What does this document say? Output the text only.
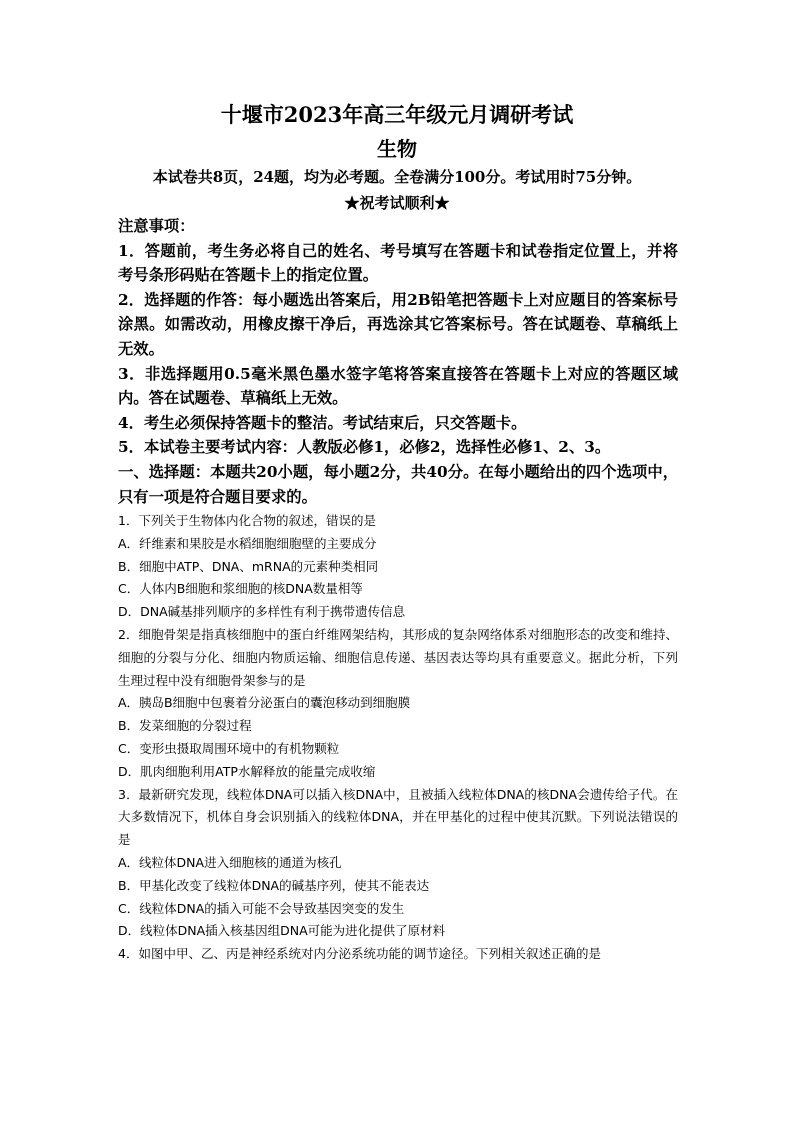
十堰市2023年高三年级元月调研考试
生物
本试卷共8页，24题，均为必考题。全卷满分100分。考试用时75分钟。
★祝考试顺利★
注意事项：
1．答题前，考生务必将自己的姓名、考号填写在答题卡和试卷指定位置上，并将考号条形码贴在答题卡上的指定位置。
2．选择题的作答：每小题选出答案后，用2B铅笔把答题卡上对应题目的答案标号涂黑。如需改动，用橡皮擦干净后，再选涂其它答案标号。答在试题卷、草稿纸上无效。
3．非选择题用0.5毫米黑色墨水签字笔将答案直接答在答题卡上对应的答题区域内。答在试题卷、草稿纸上无效。
4．考生必须保持答题卡的整洁。考试结束后，只交答题卡。
5．本试卷主要考试内容：人教版必修1，必修2，选择性必修1、2、3。
一、选择题：本题共20小题，每小题2分，共40分。在每小题给出的四个选项中，只有一项是符合题目要求的。
1．下列关于生物体内化合物的叙述，错误的是
A．纤维素和果胶是水稻细胞细胞壁的主要成分
B．细胞中ATP、DNA、mRNA的元素种类相同
C．人体内B细胞和浆细胞的核DNA数量相等
D．DNA碱基排列顺序的多样性有利于携带遗传信息
2．细胞骨架是指真核细胞中的蛋白纤维网架结构，其形成的复杂网络体系对细胞形态的改变和维持、细胞的分裂与分化、细胞内物质运输、细胞信息传递、基因表达等均具有重要意义。据此分析，下列生理过程中没有细胞骨架参与的是
A．胰岛B细胞中包裹着分泌蛋白的囊泡移动到细胞膜
B．发菜细胞的分裂过程
C．变形虫摄取周围环境中的有机物颗粒
D．肌肉细胞利用ATP水解释放的能量完成收缩
3．最新研究发现，线粒体DNA可以插入核DNA中，且被插入线粒体DNA的核DNA会遗传给子代。在大多数情况下，机体自身会识别插入的线粒体DNA，并在甲基化的过程中使其沉默。下列说法错误的是
A．线粒体DNA进入细胞核的通道为核孔
B．甲基化改变了线粒体DNA的碱基序列，使其不能表达
C．线粒体DNA的插入可能不会导致基因突变的发生
D．线粒体DNA插入核基因组DNA可能为进化提供了原材料
4．如图中甲、乙、丙是神经系统对内分泌系统功能的调节途径。下列相关叙述正确的是
